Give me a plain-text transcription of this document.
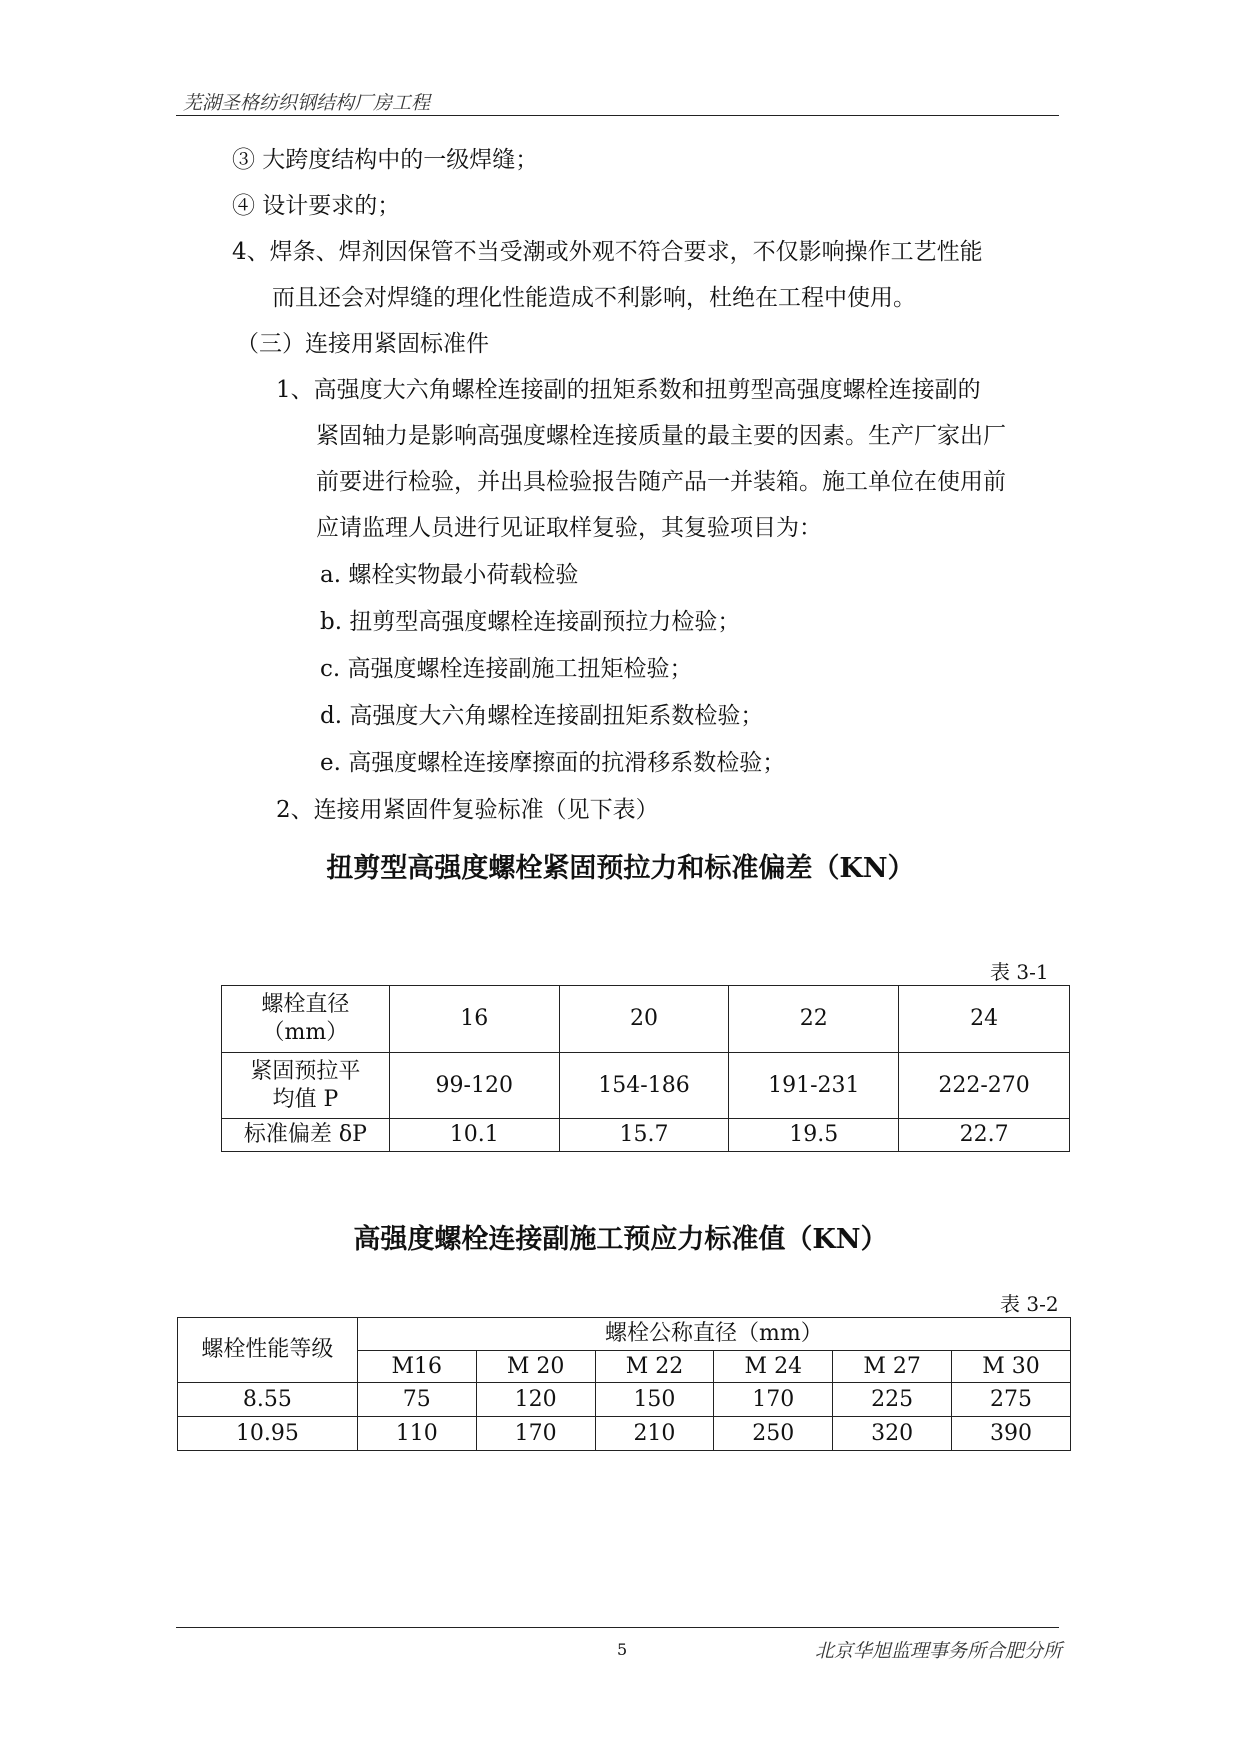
芜湖圣格纺织钢结构厂房工程
③ 大跨度结构中的一级焊缝；
④ 设计要求的；
4、焊条、焊剂因保管不当受潮或外观不符合要求，不仅影响操作工艺性能
而且还会对焊缝的理化性能造成不利影响，杜绝在工程中使用。
（三）连接用紧固标准件
1、高强度大六角螺栓连接副的扭矩系数和扭剪型高强度螺栓连接副的
紧固轴力是影响高强度螺栓连接质量的最主要的因素。生产厂家出厂
前要进行检验，并出具检验报告随产品一并装箱。施工单位在使用前
应请监理人员进行见证取样复验，其复验项目为：
a. 螺栓实物最小荷载检验
b. 扭剪型高强度螺栓连接副预拉力检验；
c. 高强度螺栓连接副施工扭矩检验；
d. 高强度大六角螺栓连接副扭矩系数检验；
e. 高强度螺栓连接摩擦面的抗滑移系数检验；
2、连接用紧固件复验标准（见下表）
扭剪型高强度螺栓紧固预拉力和标准偏差（KN）
表 3-1
螺栓直径
（mm）	16	20	22	24

紧固预拉平
均值 P	99-120	154-186	191-231	222-270
标准偏差 δP	10.1	15.7	19.5	22.7
高强度螺栓连接副施工预应力标准值（KN）
表 3-2
螺栓性能等级	螺栓公称直径（mm）					
	M16	M 20	M 22	M 24	M 27	M 30
8.55	75	120	150	170	225	275
10.95	110	170	210	250	320	390
5	北京华旭监理事务所合肥分所
